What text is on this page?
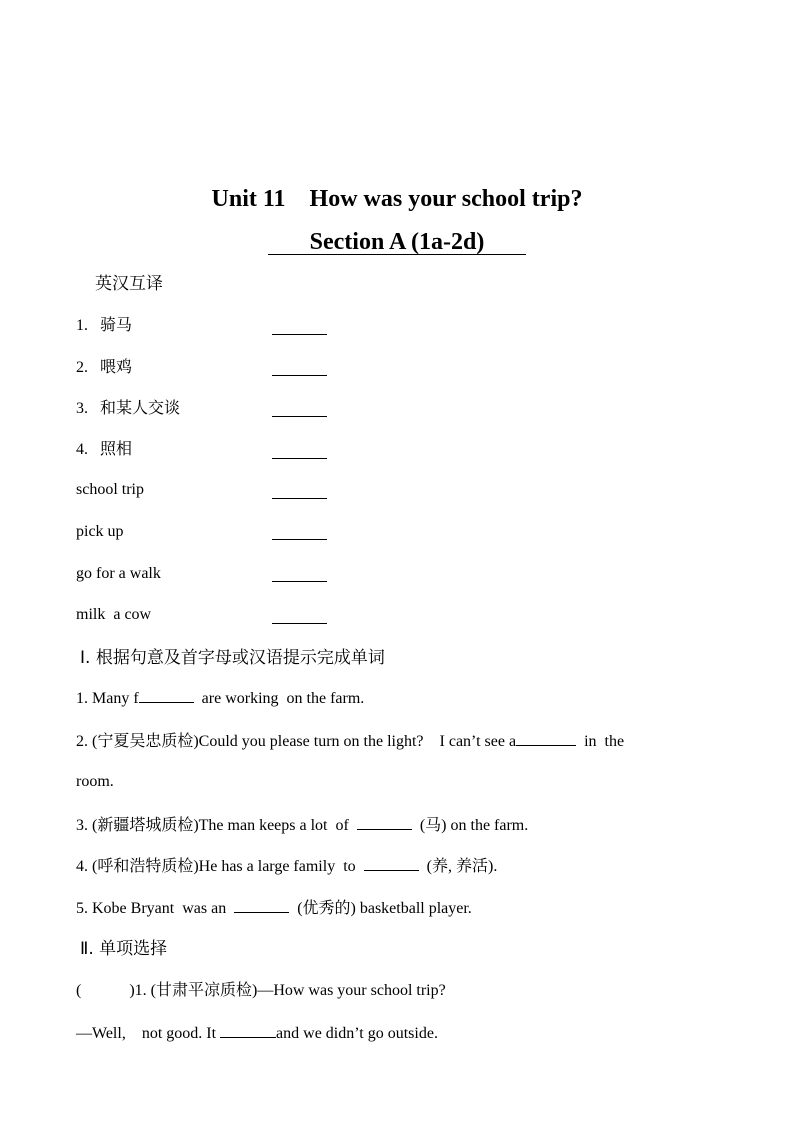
Unit 11    How was your school trip?
Section A (1a-2d)
英汉互译
1. 骑马
2. 喂鸡
3. 和某人交谈
4. 照相
school trip
pick up
go for a walk
milk  a cow
Ⅰ. 根据句意及首字母或汉语提示完成单词
1. Many f	are working  on the farm.
2. (宁夏吴忠质检)Could you please turn on the light?    I can’t see a	in  the
room.
3. (新疆塔城质检)The man keeps a lot  of	(马) on the farm.
4. (呼和浩特质检)He has a large family  to	(养, 养活).
5. Kobe Bryant  was an	(优秀的) basketball player.
Ⅱ. 单项选择
(            )1. (甘肃平凉质检)—How was your school trip?
—Well,    not good. It	and we didn’t go outside.
